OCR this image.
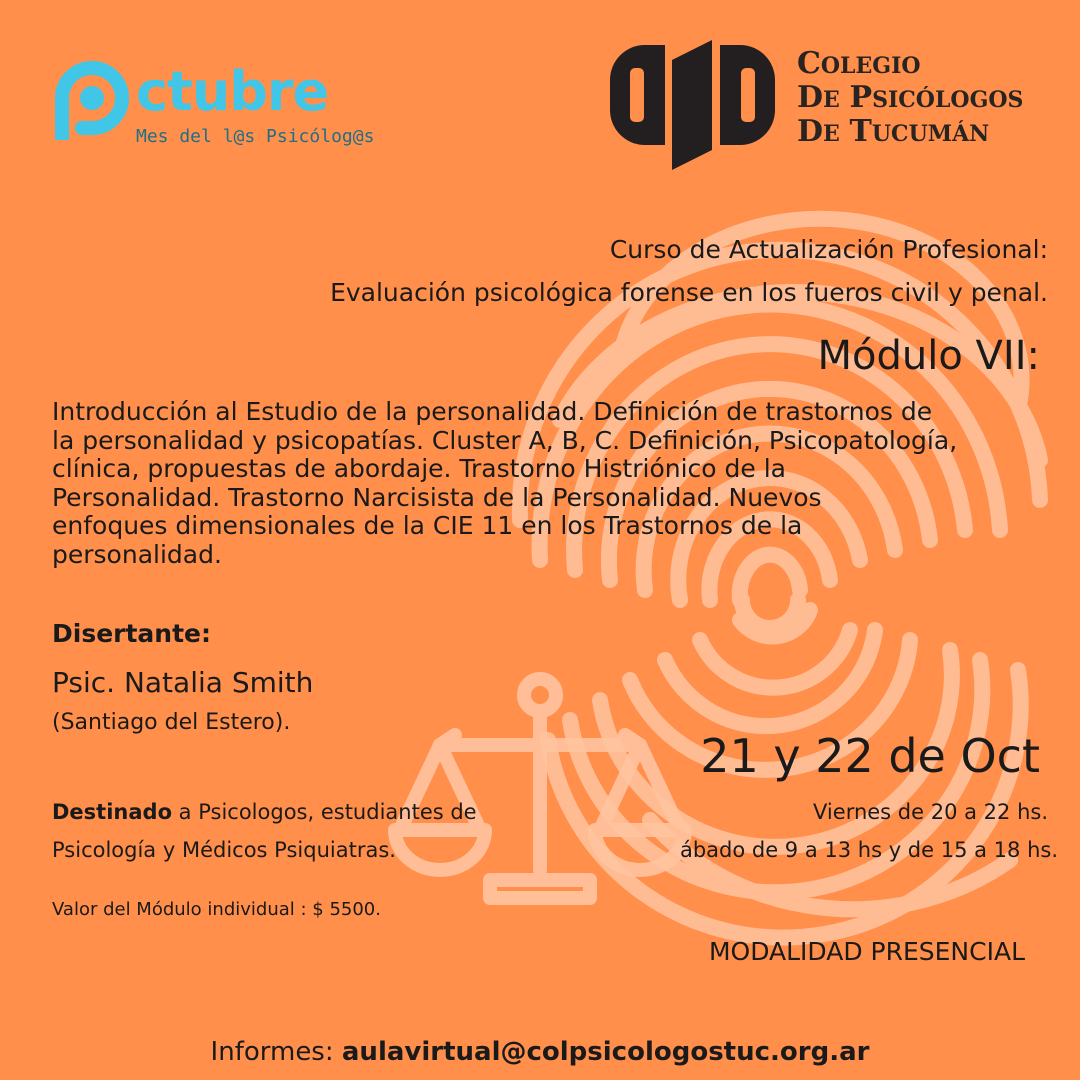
ctubre
Mes del l@s Psicólog@s
COLEGIO
DE PSICÓLOGOS
DE TUCUMÁN
Curso de Actualización Profesional:
Evaluación psicológica forense en los fueros civil y penal.
Módulo VII:

Introducción al Estudio de la personalidad. Definición de trastornos de
la personalidad y psicopatías. Cluster A, B, C. Definición, Psicopatología,
clínica, propuestas de abordaje. Trastorno Histriónico de la
Personalidad. Trastorno Narcisista de la Personalidad. Nuevos
enfoques dimensionales de la CIE 11 en los Trastornos de la
personalidad.

Disertante:
Psic. Natalia Smith
(Santiago del Estero).
21 y 22 de Oct
Viernes de 20 a 22 hs.
ábado de 9 a 13 hs y de 15 a 18 hs.
Destinado a Psicologos, estudiantes de
Psicología y Médicos Psiquiatras.
Valor del Módulo individual : $ 5500.
MODALIDAD PRESENCIAL
Informes: aulavirtual@colpsicologostuc.org.ar
